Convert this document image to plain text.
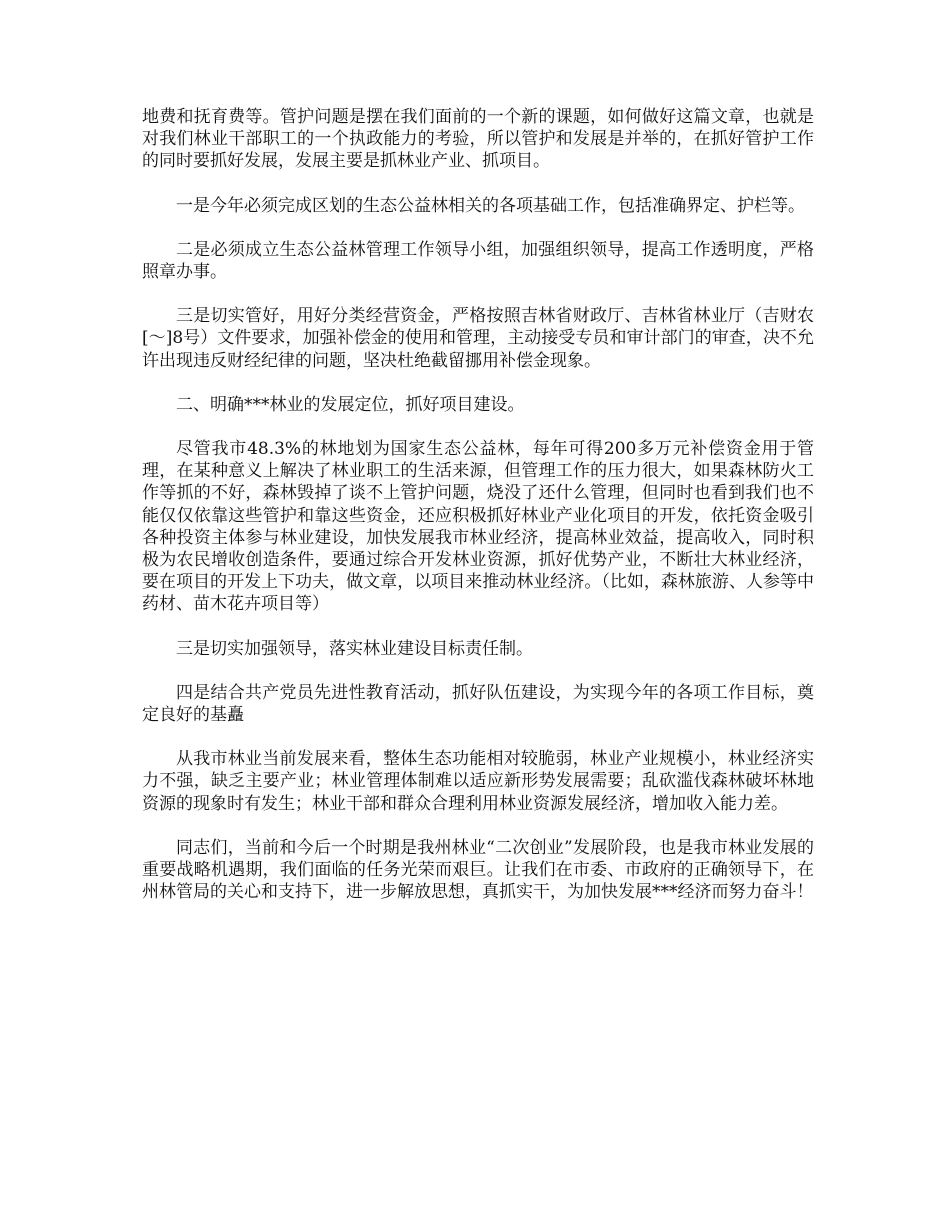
地费和抚育费等。管护问题是摆在我们面前的一个新的课题，如何做好这篇文章，也就是对我们林业干部职工的一个执政能力的考验，所以管护和发展是并举的，在抓好管护工作的同时要抓好发展，发展主要是抓林业产业、抓项目。

一是今年必须完成区划的生态公益林相关的各项基础工作，包括准确界定、护栏等。

二是必须成立生态公益林管理工作领导小组，加强组织领导，提高工作透明度，严格照章办事。

三是切实管好，用好分类经营资金，严格按照吉林省财政厅、吉林省林业厅（吉财农[～]8号）文件要求，加强补偿金的使用和管理，主动接受专员和审计部门的审查，决不允许出现违反财经纪律的问题，坚决杜绝截留挪用补偿金现象。

二、明确***林业的发展定位，抓好项目建设。

尽管我市48.3%的林地划为国家生态公益林，每年可得200多万元补偿资金用于管理，在某种意义上解决了林业职工的生活来源，但管理工作的压力很大，如果森林防火工作等抓的不好，森林毁掉了谈不上管护问题，烧没了还什么管理，但同时也看到我们也不能仅仅依靠这些管护和靠这些资金，还应积极抓好林业产业化项目的开发，依托资金吸引各种投资主体参与林业建设，加快发展我市林业经济，提高林业效益，提高收入，同时积极为农民增收创造条件，要通过综合开发林业资源，抓好优势产业，不断壮大林业经济，要在项目的开发上下功夫，做文章，以项目来推动林业经济。（比如，森林旅游、人参等中药材、苗木花卉项目等）

三是切实加强领导，落实林业建设目标责任制。

四是结合共产党员先进性教育活动，抓好队伍建设，为实现今年的各项工作目标，奠定良好的基矗

从我市林业当前发展来看，整体生态功能相对较脆弱，林业产业规模小，林业经济实力不强，缺乏主要产业；林业管理体制难以适应新形势发展需要；乱砍滥伐森林破坏林地资源的现象时有发生；林业干部和群众合理利用林业资源发展经济，增加收入能力差。

同志们，当前和今后一个时期是我州林业“二次创业”发展阶段，也是我市林业发展的重要战略机遇期，我们面临的任务光荣而艰巨。让我们在市委、市政府的正确领导下，在州林管局的关心和支持下，进一步解放思想，真抓实干，为加快发展***经济而努力奋斗！
